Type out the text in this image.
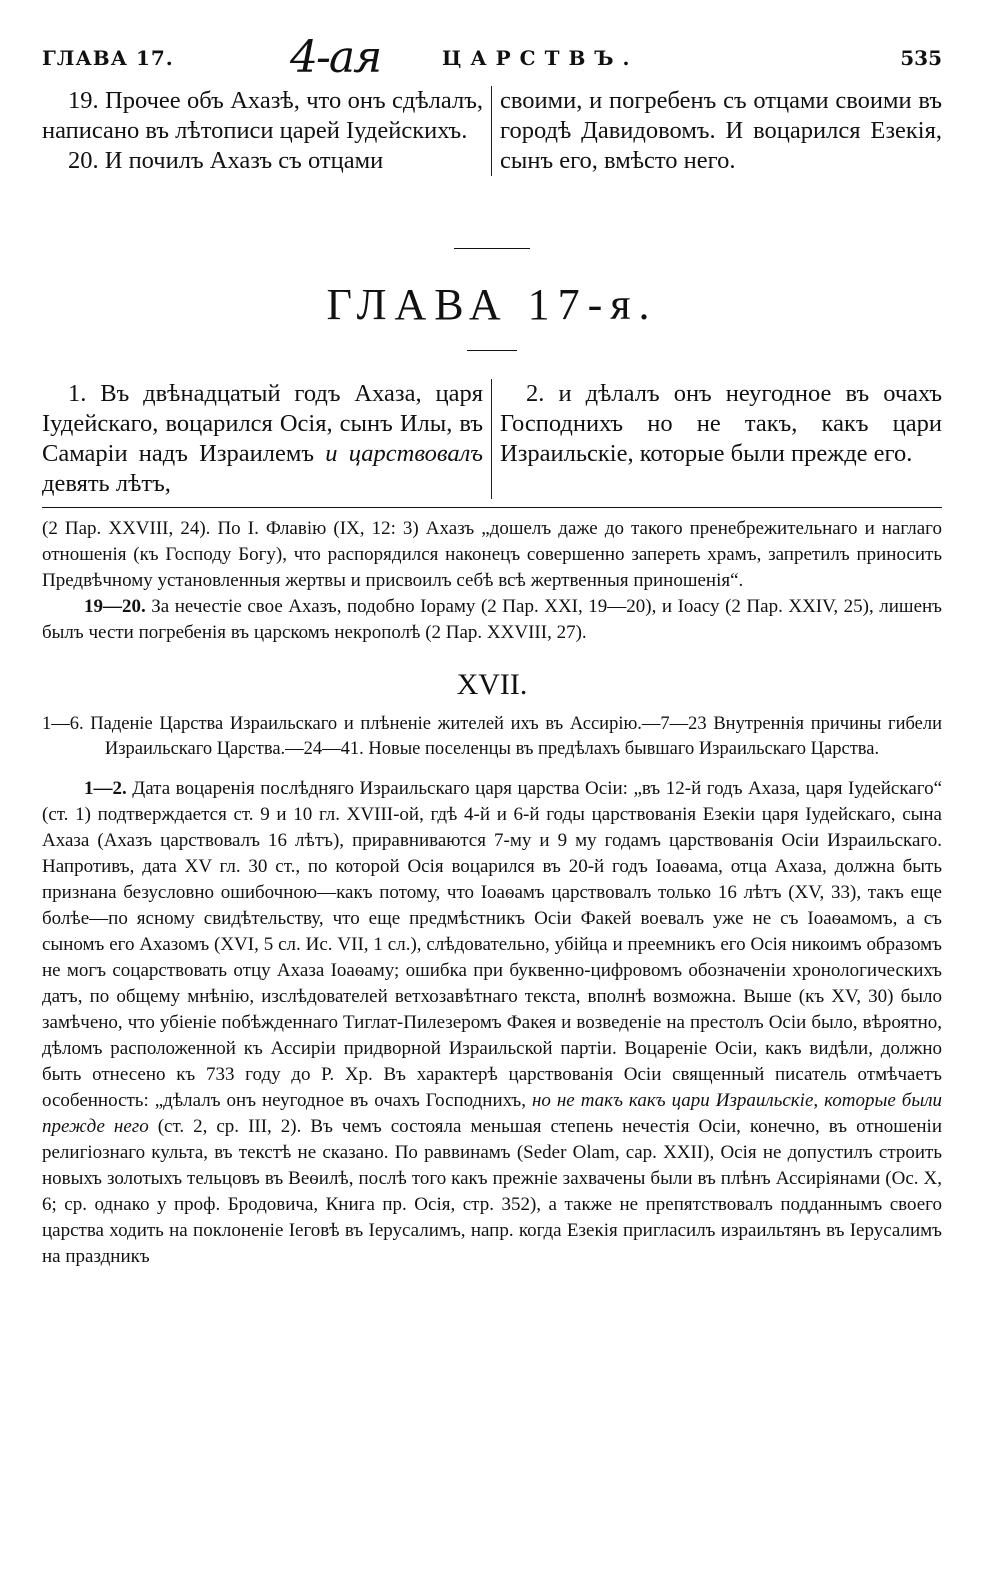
ГЛАВА 17.	4-ая	ЦАРСТВЪ.	535

19. Прочее объ Ахазѣ, что онъ сдѣлалъ, написано въ лѣтописи царей Іудейскихъ.

20. И почилъ Ахазъ съ отцами

своими, и погребенъ съ отцами своими въ городѣ Давидовомъ. И воцарился Езекія, сынъ его, вмѣсто него.

ГЛАВА 17-я.

1. Въ двѣнадцатый годъ Ахаза, царя Іудейскаго, воцарился Осія, сынъ Илы, въ Самаріи надъ Израилемъ и царствовалъ девять лѣтъ,

2. и дѣлалъ онъ неугодное въ очахъ Господнихъ но не такъ, какъ цари Израильскіе, которые были прежде его.

(2 Пар. XXVIII, 24). По І. Флавію (IX, 12: 3) Ахазъ „дошелъ даже до такого пренебрежительнаго и наглаго отношенія (къ Господу Богу), что распорядился наконецъ совершенно запереть храмъ, запретилъ приносить Предвѣчному установленныя жертвы и присвоилъ себѣ всѣ жертвенныя приношенія“.

19—20. За нечестіе свое Ахазъ, подобно Іораму (2 Пар. XXI, 19—20), и Іоасу (2 Пар. XXIV, 25), лишенъ былъ чести погребенія въ царскомъ некрополѣ (2 Пар. XXVIII, 27).

XVII.
1—6. Паденіе Царства Израильскаго и плѣненіе жителей ихъ въ Ассирію.—7—23 Внутреннія причины гибели Израильскаго Царства.—24—41. Новые поселенцы въ предѣлахъ бывшаго Израильскаго Царства.

1—2. Дата воцаренія послѣдняго Израильскаго царя царства Осіи: „въ 12-й годъ Ахаза, царя Іудейскаго“ (ст. 1) подтверждается ст. 9 и 10 гл. XVIII-ой, гдѣ 4-й и 6-й годы царствованія Езекіи царя Іудейскаго, сына Ахаза (Ахазъ царствовалъ 16 лѣтъ), приравниваются 7-му и 9 му годамъ царствованія Осіи Израильскаго. Напротивъ, дата XV гл. 30 ст., по которой Осія воцарился въ 20-й годъ Іоаѳама, отца Ахаза, должна быть признана безусловно ошибочною—какъ потому, что Іоаѳамъ царствовалъ только 16 лѣтъ (XV, 33), такъ еще болѣе—по ясному свидѣтельству, что еще предмѣстникъ Осіи Факей воевалъ уже не съ Іоаѳамомъ, а съ сыномъ его Ахазомъ (XVI, 5 сл. Ис. VII, 1 сл.), слѣдовательно, убійца и преемникъ его Осія никоимъ образомъ не могъ соцарствовать отцу Ахаза Іоаѳаму; ошибка при буквенно-цифровомъ обозначеніи хронологическихъ датъ, по общему мнѣнію, изслѣдователей ветхозавѣтнаго текста, вполнѣ возможна. Выше (къ XV, 30) было замѣчено, что убіеніе побѣжденнаго Тиглат-Пилезеромъ Факея и возведеніе на престолъ Осіи было, вѣроятно, дѣломъ расположенной къ Ассиріи придворной Израильской партіи. Воцареніе Осіи, какъ видѣли, должно быть отнесено къ 733 году до Р. Хр. Въ характерѣ царствованія Осіи священный писатель отмѣчаетъ особенность: „дѣлалъ онъ неугодное въ очахъ Господнихъ, но не такъ какъ цари Израильскіе, которые были прежде него (ст. 2, ср. III, 2). Въ чемъ состояла меньшая степень нечестія Осіи, конечно, въ отношеніи религіознаго культа, въ текстѣ не сказано. По раввинамъ (Seder Olam, cap. XXII), Осія не допустилъ строить новыхъ золотыхъ тельцовъ въ Веѳилѣ, послѣ того какъ прежніе захвачены были въ плѣнъ Ассиріянами (Ос. X, 6; ср. однако у проф. Бродовича, Книга пр. Осія, стр. 352), а также не препятствовалъ подданнымъ своего царства ходить на поклоненіе Іеговѣ въ Іерусалимъ, напр. когда Езекія пригласилъ израильтянъ въ Іерусалимъ на праздникъ
